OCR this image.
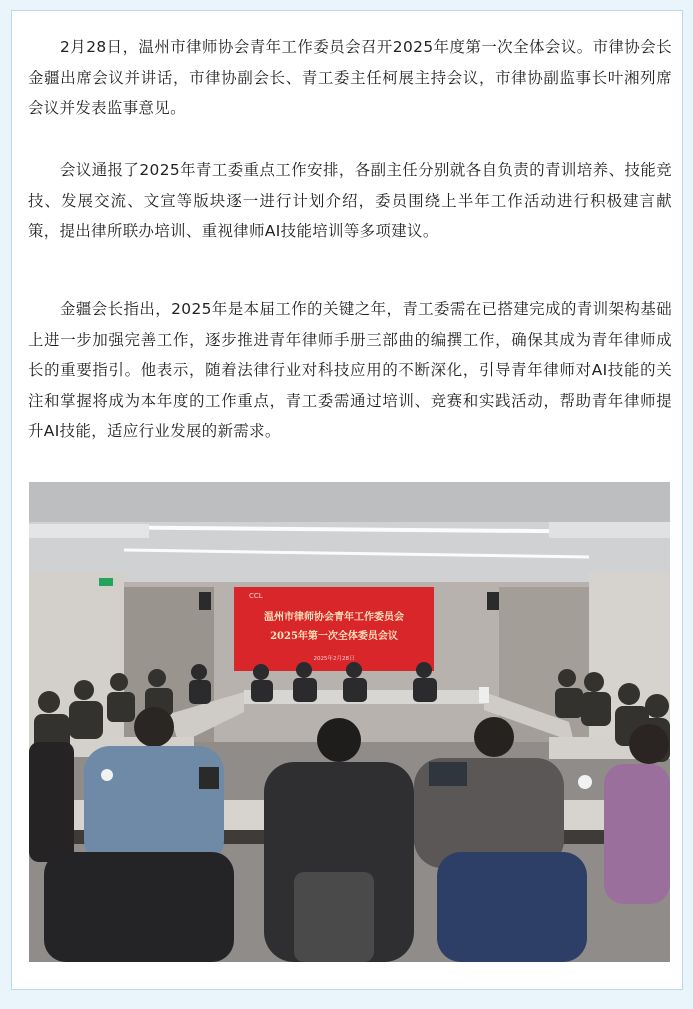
2月28日，温州市律师协会青年工作委员会召开2025年度第一次全体会议。市律协会长金疆出席会议并讲话，市律协副会长、青工委主任柯展主持会议，市律协副监事长叶湘列席会议并发表监事意见。

会议通报了2025年青工委重点工作安排，各副主任分别就各自负责的青训培养、技能竞技、发展交流、文宣等版块逐一进行计划介绍，委员围绕上半年工作活动进行积极建言献策，提出律所联办培训、重视律师AI技能培训等多项建议。

金疆会长指出，2025年是本届工作的关键之年，青工委需在已搭建完成的青训架构基础上进一步加强完善工作，逐步推进青年律师手册三部曲的编撰工作，确保其成为青年律师成长的重要指引。他表示，随着法律行业对科技应用的不断深化，引导青年律师对AI技能的关注和掌握将成为本年度的工作重点，青工委需通过培训、竞赛和实践活动，帮助青年律师提升AI技能，适应行业发展的新需求。

CCL
温州市律师协会青年工作委员会
2025年第一次全体委员会议
2025年2月28日
